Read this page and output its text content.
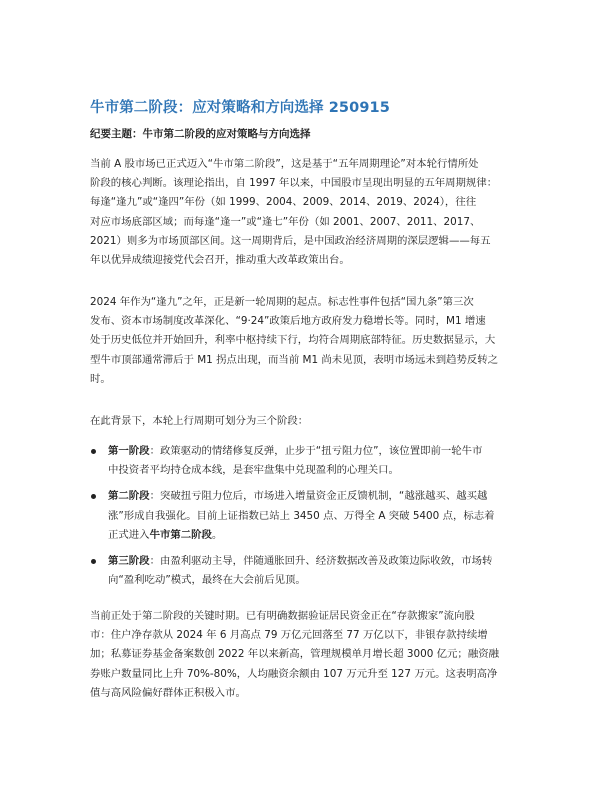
牛市第二阶段：应对策略和方向选择 250915
纪要主题：牛市第二阶段的应对策略与方向选择
当前 A 股市场已正式迈入“牛市第二阶段”，这是基于“五年周期理论”对本轮行情所处
阶段的核心判断。该理论指出，自 1997 年以来，中国股市呈现出明显的五年周期规律：
每逢“逢九”或“逢四”年份（如 1999、2004、2009、2014、2019、2024），往往
对应市场底部区域；而每逢“逢一”或“逢七”年份（如 2001、2007、2011、2017、
2021）则多为市场顶部区间。这一周期背后，是中国政治经济周期的深层逻辑——每五
年以优异成绩迎接党代会召开，推动重大改革政策出台。
2024 年作为“逢九”之年，正是新一轮周期的起点。标志性事件包括“国九条”第三次
发布、资本市场制度改革深化、“9·24”政策后地方政府发力稳增长等。同时，M1 增速
处于历史低位并开始回升，利率中枢持续下行，均符合周期底部特征。历史数据显示，大
型牛市顶部通常滞后于 M1 拐点出现，而当前 M1 尚未见顶，表明市场远未到趋势反转之
时。
在此背景下，本轮上行周期可划分为三个阶段：
第一阶段：政策驱动的情绪修复反弹，止步于“扭亏阻力位”，该位置即前一轮牛市
中投资者平均持仓成本线，是套牢盘集中兑现盈利的心理关口。
第二阶段：突破扭亏阻力位后，市场进入增量资金正反馈机制，“越涨越买、越买越
涨”形成自我强化。目前上证指数已站上 3450 点、万得全 A 突破 5400 点，标志着
正式进入牛市第二阶段。
第三阶段：由盈利驱动主导，伴随通胀回升、经济数据改善及政策边际收敛，市场转
向“盈利吃动”模式，最终在大会前后见顶。
当前正处于第二阶段的关键时期。已有明确数据验证居民资金正在“存款搬家”流向股
市：住户净存款从 2024 年 6 月高点 79 万亿元回落至 77 万亿以下，非银存款持续增
加；私募证券基金备案数创 2022 年以来新高，管理规模单月增长超 3000 亿元；融资融
券账户数量同比上升 70%-80%，人均融资余额由 107 万元升至 127 万元。这表明高净
值与高风险偏好群体正积极入市。
